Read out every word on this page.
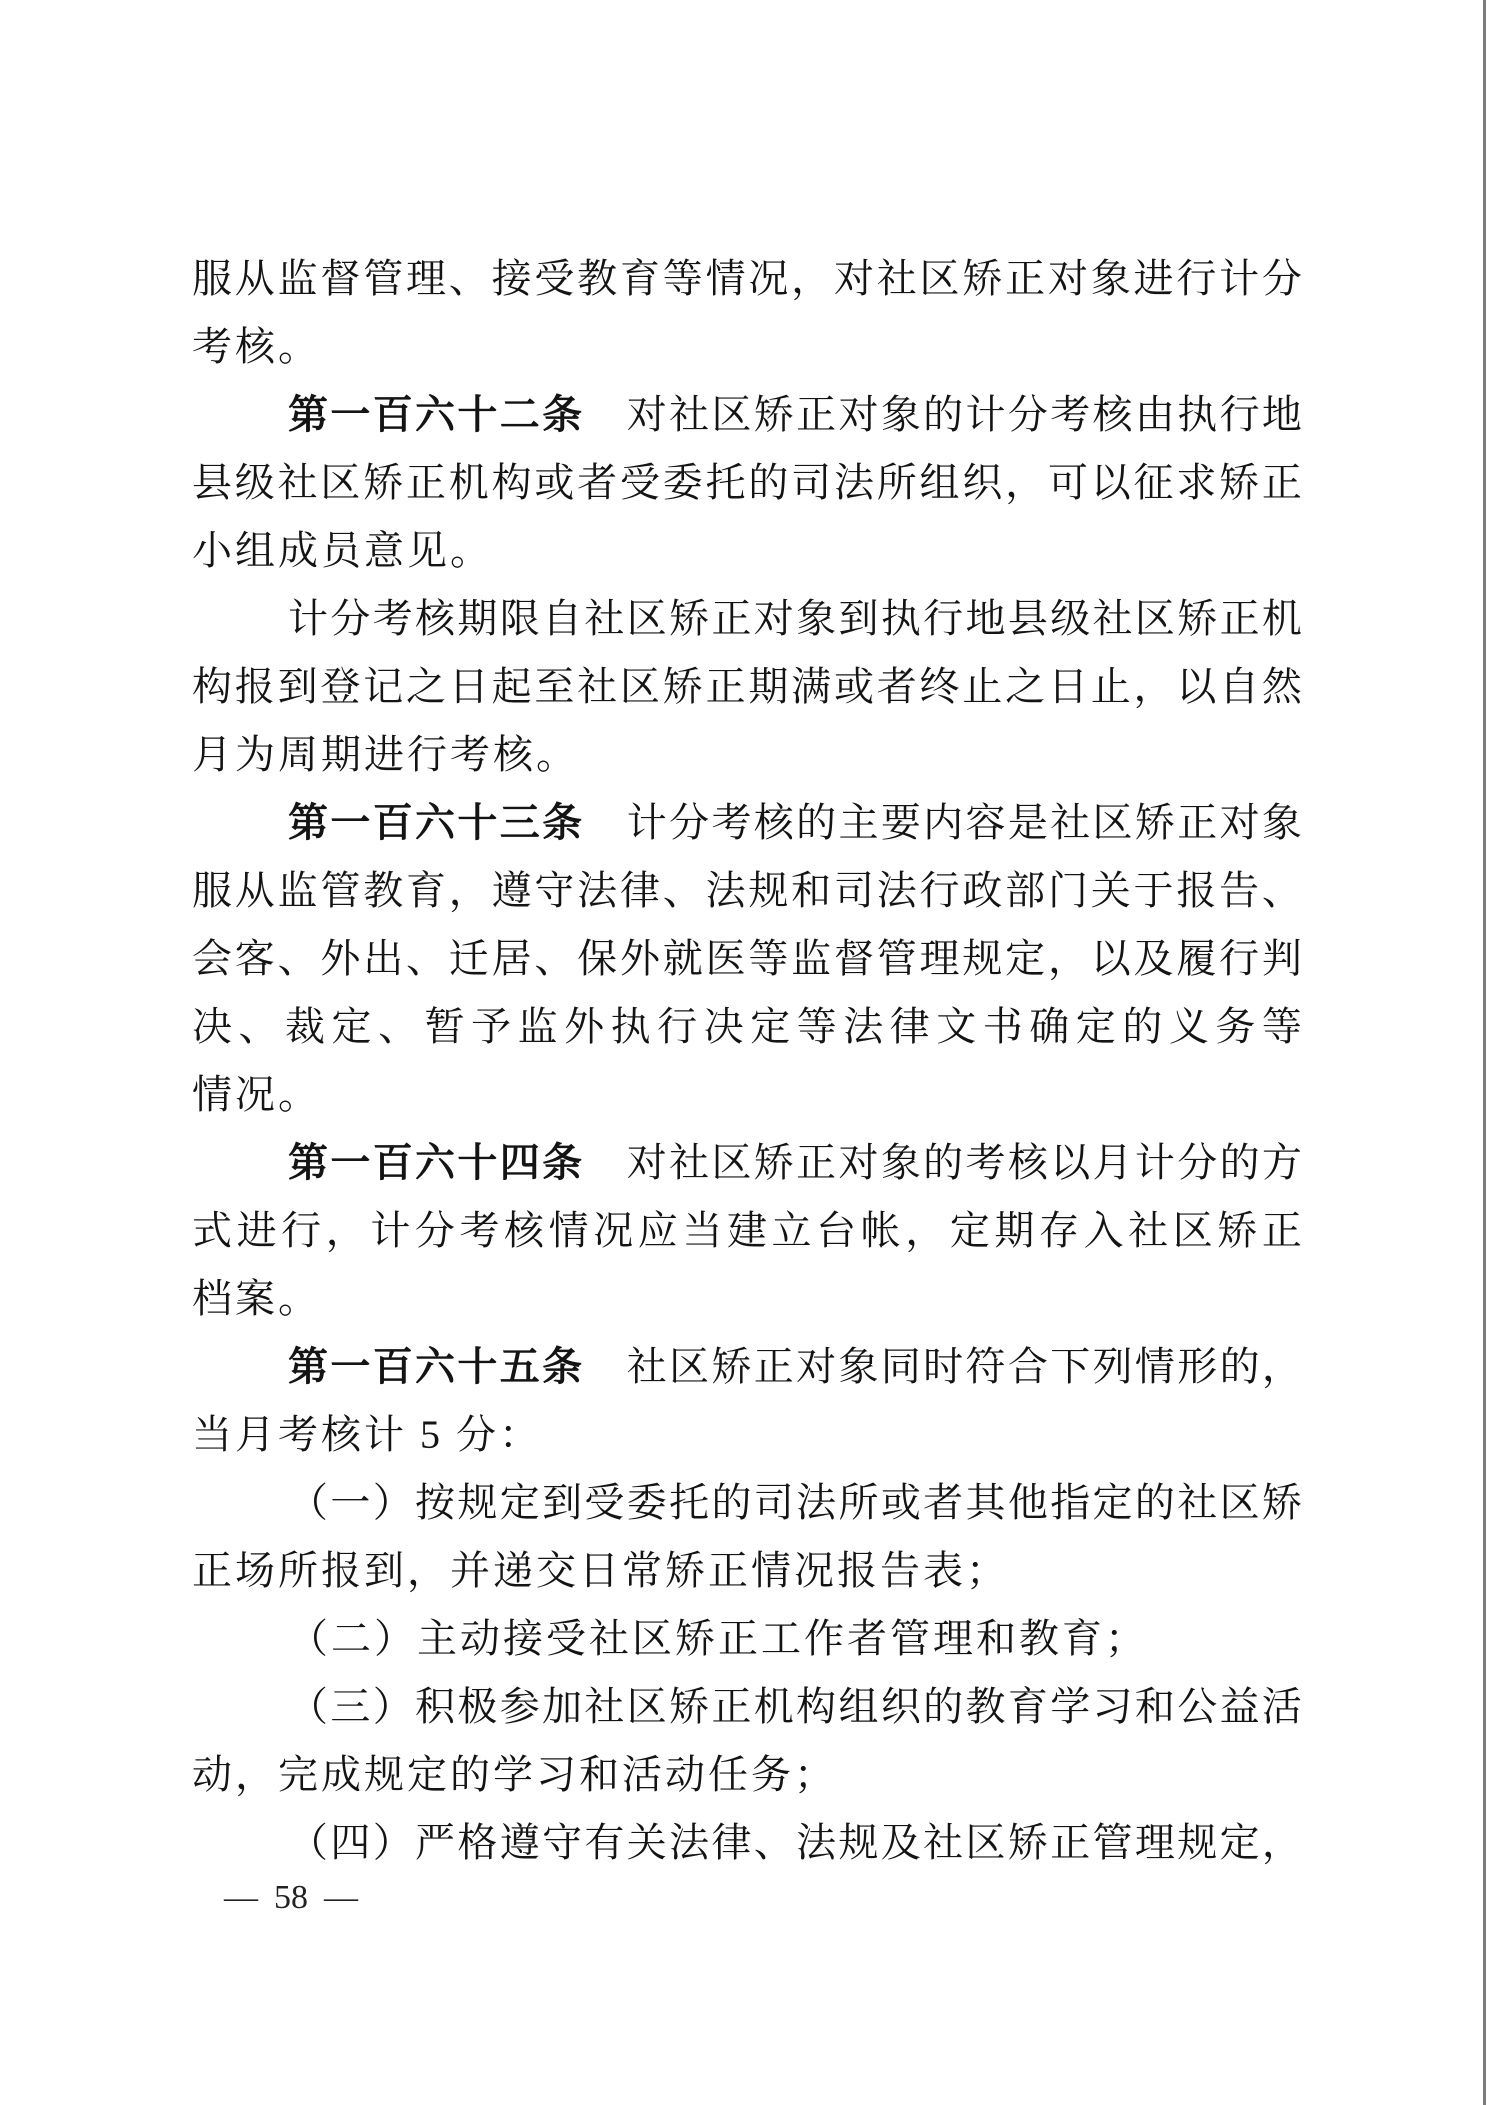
服 从 监 督 管 理 、 接 受 教 育 等 情 况 ， 对 社 区 矫 正 对 象 进 行 计 分
考核。
第 一 百 六 十 二 条 对 社 区 矫 正 对 象 的 计 分 考 核 由 执 行 地
县 级 社 区 矫 正 机 构 或 者 受 委 托 的 司 法 所 组 织 ， 可 以 征 求 矫 正
小组成员意见。
计 分 考 核 期 限 自 社 区 矫 正 对 象 到 执 行 地 县 级 社 区 矫 正 机
构 报 到 登 记 之 日 起 至 社 区 矫 正 期 满 或 者 终 止 之 日 止 ， 以 自 然
月为周期进行考核。
第 一 百 六 十 三 条 计 分 考 核 的 主 要 内 容 是 社 区 矫 正 对 象
服 从 监 管 教 育 ， 遵 守 法 律 、 法 规 和 司 法 行 政 部 门 关 于 报 告 、
会 客 、 外 出 、 迁 居 、 保 外 就 医 等 监 督 管 理 规 定 ， 以 及 履 行 判
决 、 裁 定 、 暂 予 监 外 执 行 决 定 等 法 律 文 书 确 定 的 义 务 等
情况。
第 一 百 六 十 四 条 对 社 区 矫 正 对 象 的 考 核 以 月 计 分 的 方
式 进 行 ， 计 分 考 核 情 况 应 当 建 立 台 帐 ， 定 期 存 入 社 区 矫 正
档案。
第 一 百 六 十 五 条 社 区 矫 正 对 象 同 时 符 合 下 列 情 形 的 ，
当月考核计 5 分：
（ 一 ） 按 规 定 到 受 委 托 的 司 法 所 或 者 其 他 指 定 的 社 区 矫
正场所报到，并递交日常矫正情况报告表；
（二）主动接受社区矫正工作者管理和教育；
（ 三 ） 积 极 参 加 社 区 矫 正 机 构 组 织 的 教 育 学 习 和 公 益 活
动，完成规定的学习和活动任务；
（ 四 ） 严 格 遵 守 有 关 法 律 、 法 规 及 社 区 矫 正 管 理 规 定 ，
— 58 —
